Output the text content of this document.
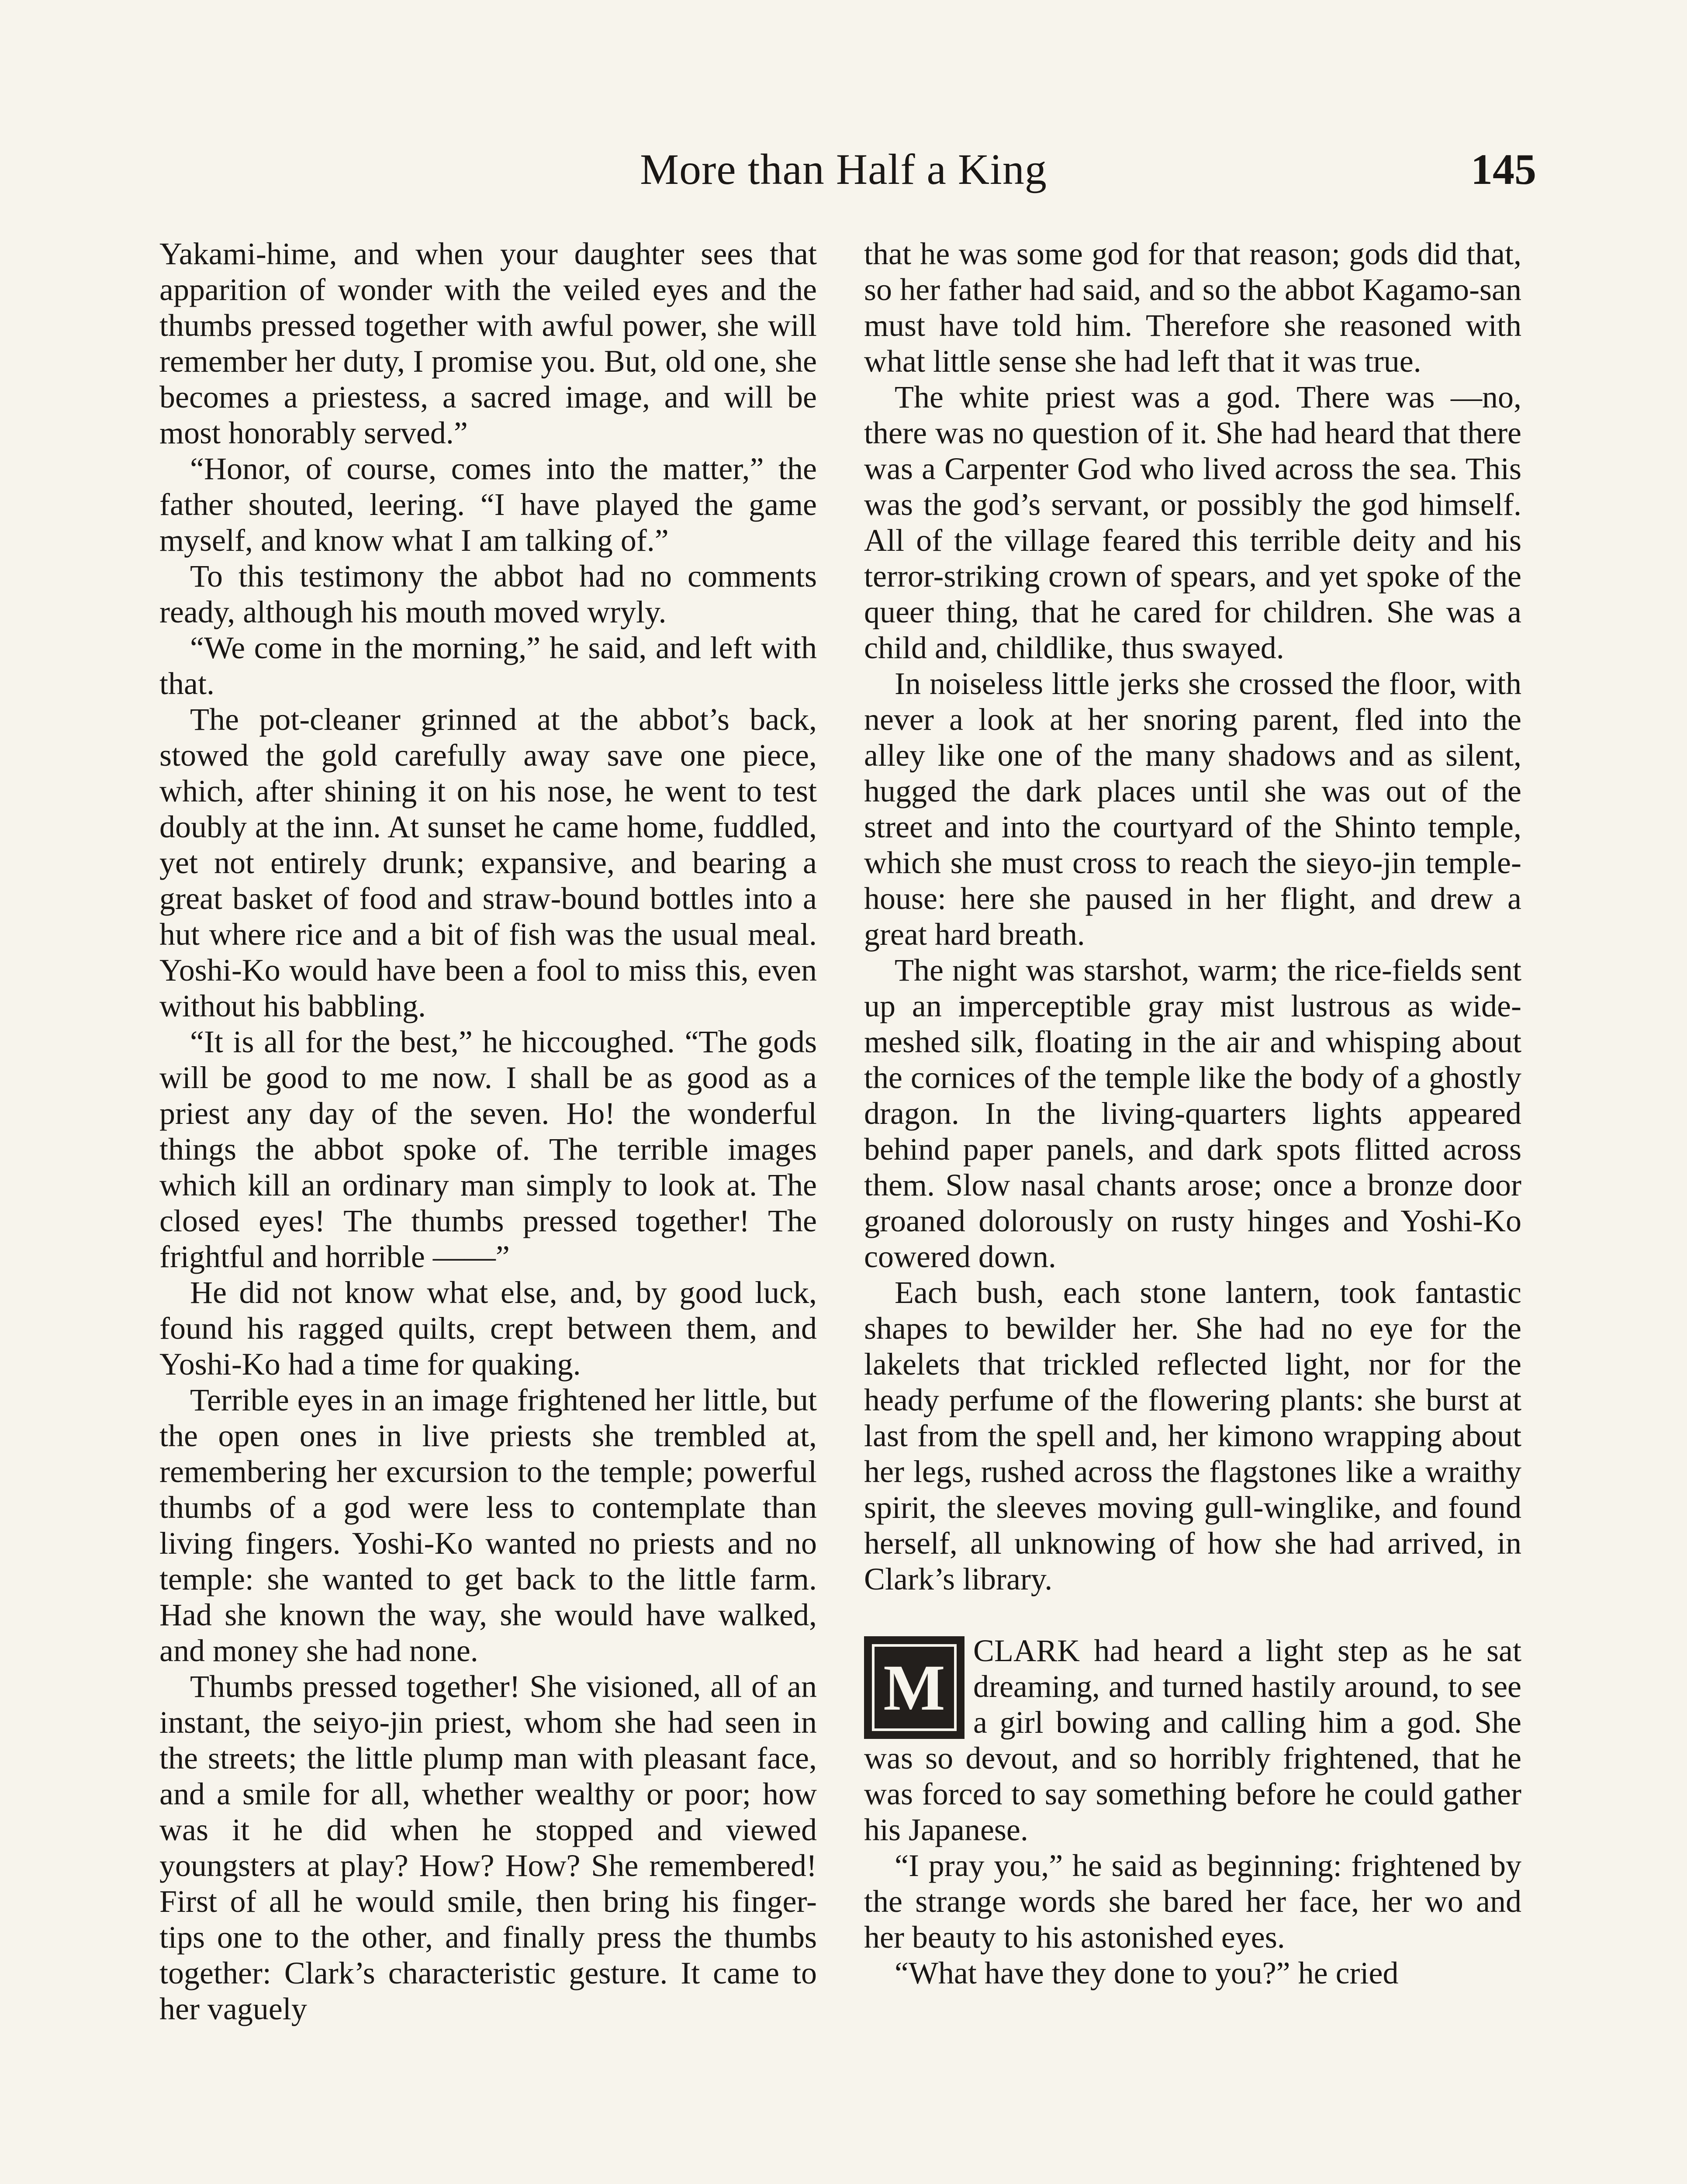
More than Half a King	145

Yakami-hime, and when your daughter sees that apparition of wonder with the veiled eyes and the thumbs pressed together with awful power, she will remember her duty, I promise you. But, old one, she becomes a priestess, a sacred image, and will be most honorably served.”

“Honor, of course, comes into the matter,” the father shouted, leering. “I have played the game myself, and know what I am talking of.”

To this testimony the abbot had no comments ready, although his mouth moved wryly.

“We come in the morning,” he said, and left with that.

The pot-cleaner grinned at the abbot’s back, stowed the gold carefully away save one piece, which, after shining it on his nose, he went to test doubly at the inn. At sunset he came home, fuddled, yet not entirely drunk; expansive, and bearing a great basket of food and straw-bound bottles into a hut where rice and a bit of fish was the usual meal. Yoshi-Ko would have been a fool to miss this, even without his babbling.

“It is all for the best,” he hiccoughed. “The gods will be good to me now. I shall be as good as a priest any day of the seven. Ho! the wonderful things the abbot spoke of. The terrible images which kill an ordinary man simply to look at. The closed eyes! The thumbs pressed together! The frightful and horrible ——”

He did not know what else, and, by good luck, found his ragged quilts, crept between them, and Yoshi-Ko had a time for quaking.

Terrible eyes in an image frightened her little, but the open ones in live priests she trembled at, remembering her excursion to the temple; powerful thumbs of a god were less to contemplate than living fingers. Yoshi-Ko wanted no priests and no temple: she wanted to get back to the little farm. Had she known the way, she would have walked, and money she had none.

Thumbs pressed together! She visioned, all of an instant, the seiyo-jin priest, whom she had seen in the streets; the little plump man with pleasant face, and a smile for all, whether wealthy or poor; how was it he did when he stopped and viewed youngsters at play? How? How? She remembered! First of all he would smile, then bring his finger-tips one to the other, and finally press the thumbs together: Clark’s characteristic gesture. It came to her vaguely

that he was some god for that reason; gods did that, so her father had said, and so the abbot Kagamo-san must have told him. Therefore she reasoned with what little sense she had left that it was true.

The white priest was a god. There was —no, there was no question of it. She had heard that there was a Carpenter God who lived across the sea. This was the god’s servant, or possibly the god himself. All of the village feared this terrible deity and his terror-striking crown of spears, and yet spoke of the queer thing, that he cared for children. She was a child and, childlike, thus swayed.

In noiseless little jerks she crossed the floor, with never a look at her snoring parent, fled into the alley like one of the many shadows and as silent, hugged the dark places until she was out of the street and into the courtyard of the Shinto temple, which she must cross to reach the sieyo-jin temple-house: here she paused in her flight, and drew a great hard breath.

The night was starshot, warm; the rice-fields sent up an imperceptible gray mist lustrous as wide-meshed silk, floating in the air and whisping about the cornices of the temple like the body of a ghostly dragon. In the living-quarters lights appeared behind paper panels, and dark spots flitted across them. Slow nasal chants arose; once a bronze door groaned dolorously on rusty hinges and Yoshi-Ko cowered down.

Each bush, each stone lantern, took fantastic shapes to bewilder her. She had no eye for the lakelets that trickled reflected light, nor for the heady perfume of the flowering plants: she burst at last from the spell and, her kimono wrapping about her legs, rushed across the flagstones like a wraithy spirit, the sleeves moving gull-winglike, and found herself, all unknowing of how she had arrived, in Clark’s library.

M
CLARK had heard a light step as he sat dreaming, and turned hastily around, to see a girl bowing and calling him a god. She was so devout, and so horribly frightened, that he was forced to say something before he could gather his Japanese.

“I pray you,” he said as beginning: frightened by the strange words she bared her face, her wo and her beauty to his astonished eyes.

“What have they done to you?” he cried
